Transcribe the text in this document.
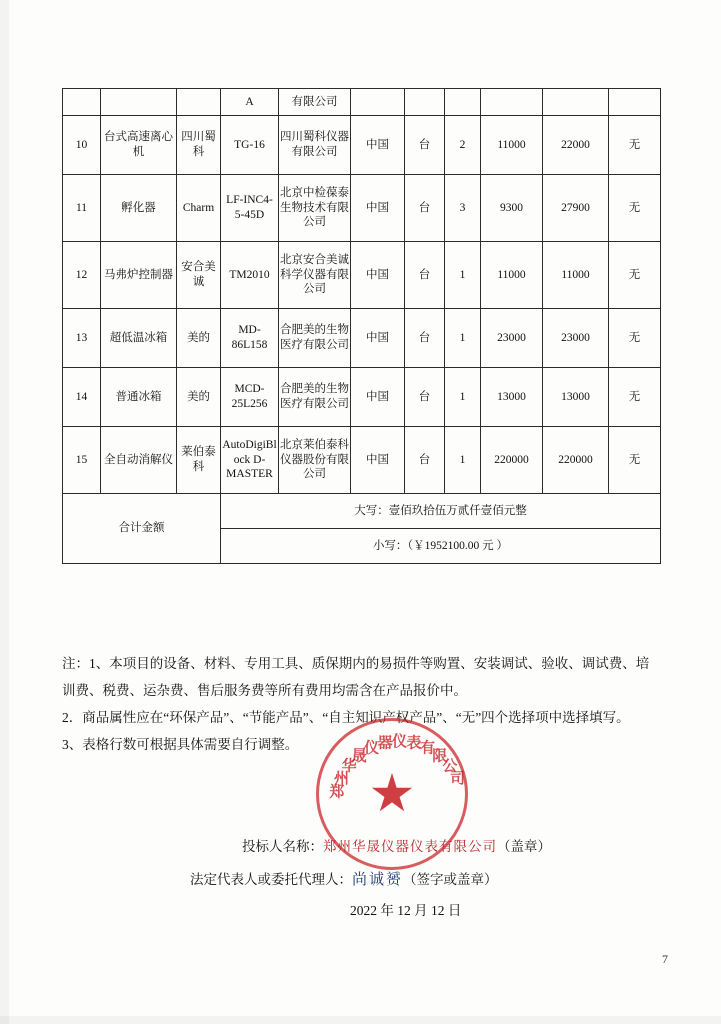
			A	有限公司						
10	台式高速离心机	四川蜀科	TG-16	四川蜀科仪器有限公司	中国	台	2	11000	22000	无
11	孵化器	Charm	LF-INC4-5-45D	北京中检葆泰生物技术有限公司	中国	台	3	9300	27900	无
12	马弗炉控制器	安合美诚	TM2010	北京安合美诚科学仪器有限公司	中国	台	1	11000	11000	无
13	超低温冰箱	美的	MD-86L158	合肥美的生物医疗有限公司	中国	台	1	23000	23000	无
14	普通冰箱	美的	MCD-25L256	合肥美的生物医疗有限公司	中国	台	1	13000	13000	无
15	全自动消解仪	莱伯泰科	AutoDigiBlock D-MASTER	北京莱伯泰科仪器股份有限公司	中国	台	1	220000	220000	无
合计金额			大写：壹佰玖拾伍万贰仟壹佰元整							
			小写：（￥1952100.00 元 ）							

注：1、本项目的设备、材料、专用工具、质保期内的易损件等购置、安装调试、验收、调试费、培训费、税费、运杂费、售后服务费等所有费用均需含在产品报价中。

2．商品属性应在“环保产品”、“节能产品”、“自主知识产权产品”、“无”四个选择项中选择填写。

3、表格行数可根据具体需要自行调整。

郑
州
华
晟
仪
器 仪 表
有
限
公
司
投标人名称：郑州华晟仪器仪表有限公司（盖章）
法定代表人或委托代理人：尚诚赟（签字或盖章）
2022 年 12 月 12 日
7
